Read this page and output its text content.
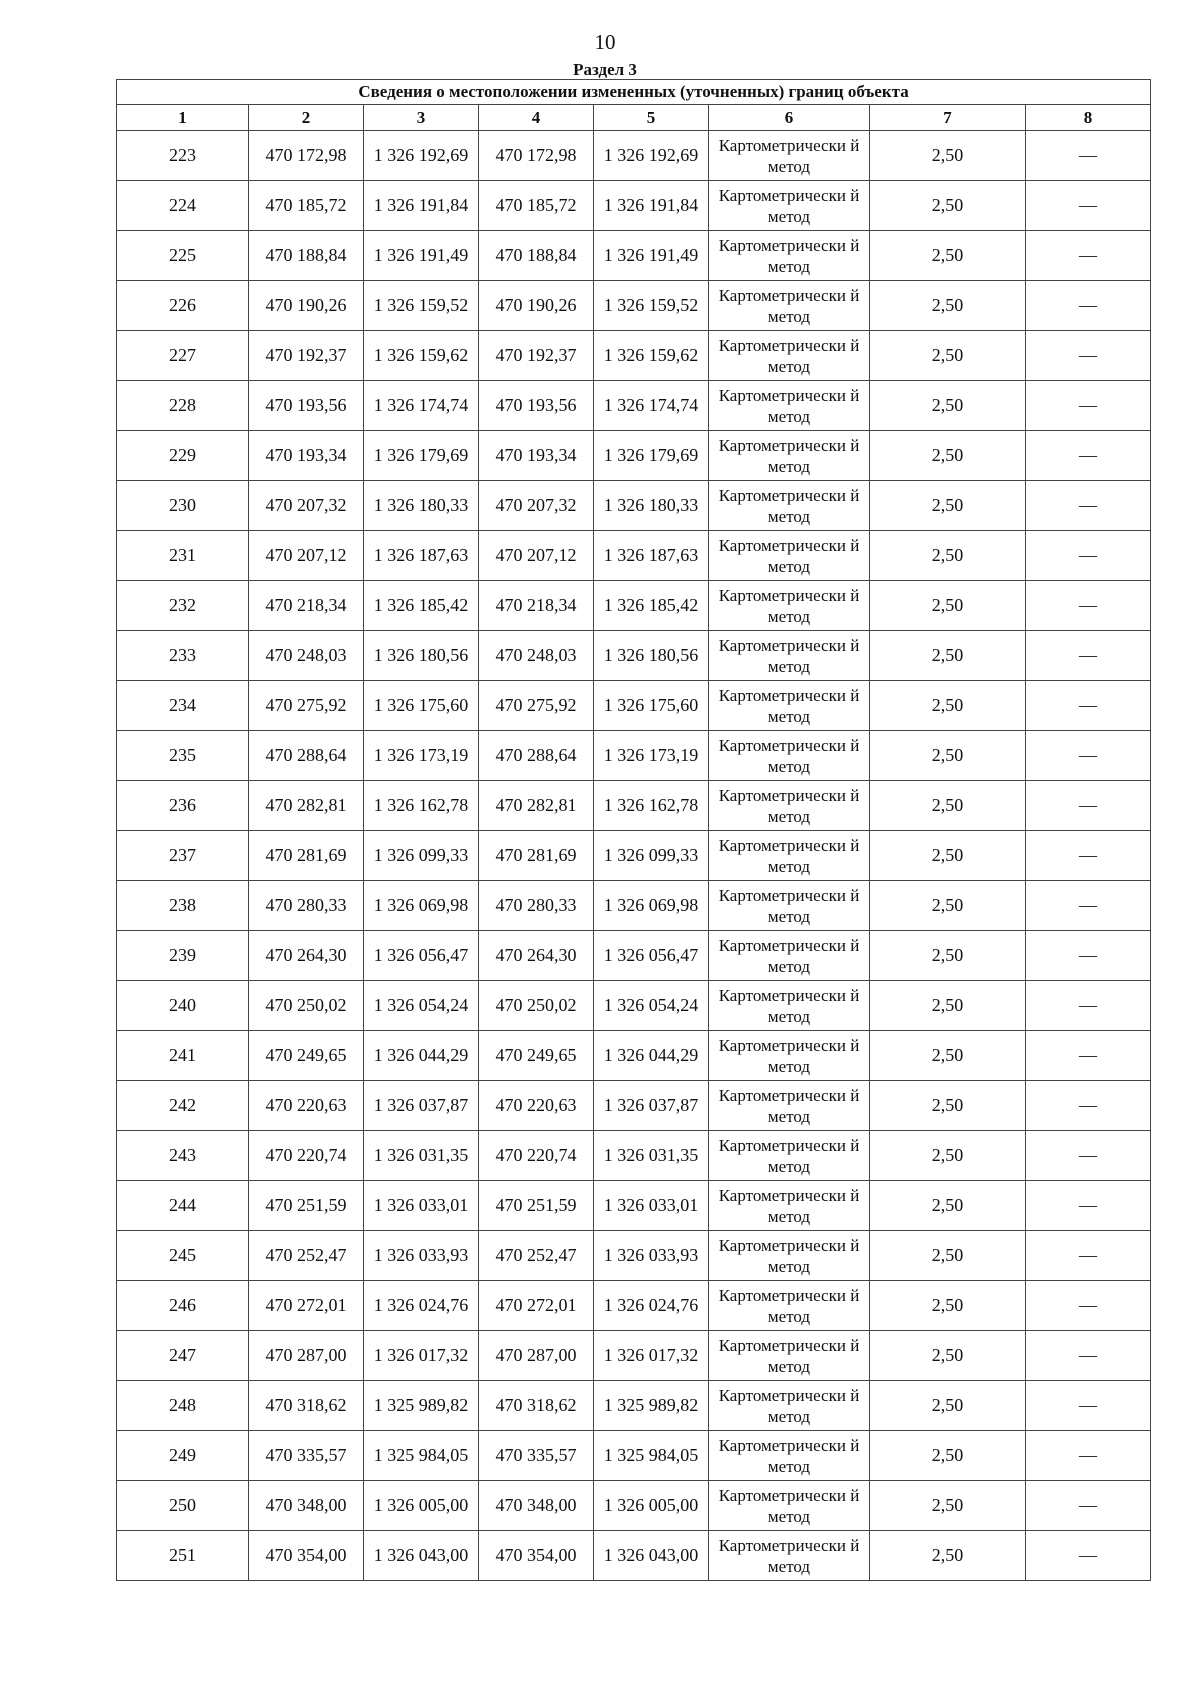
10
Раздел 3
Сведения о местоположении измененных (уточненных) границ объекта							
1	2	3	4	5	6	7	8
223	470 172,98	1 326 192,69	470 172,98	1 326 192,69	Картометрически й метод	2,50	—
224	470 185,72	1 326 191,84	470 185,72	1 326 191,84	Картометрически й метод	2,50	—
225	470 188,84	1 326 191,49	470 188,84	1 326 191,49	Картометрически й метод	2,50	—
226	470 190,26	1 326 159,52	470 190,26	1 326 159,52	Картометрически й метод	2,50	—
227	470 192,37	1 326 159,62	470 192,37	1 326 159,62	Картометрически й метод	2,50	—
228	470 193,56	1 326 174,74	470 193,56	1 326 174,74	Картометрически й метод	2,50	—
229	470 193,34	1 326 179,69	470 193,34	1 326 179,69	Картометрически й метод	2,50	—
230	470 207,32	1 326 180,33	470 207,32	1 326 180,33	Картометрически й метод	2,50	—
231	470 207,12	1 326 187,63	470 207,12	1 326 187,63	Картометрически й метод	2,50	—
232	470 218,34	1 326 185,42	470 218,34	1 326 185,42	Картометрически й метод	2,50	—
233	470 248,03	1 326 180,56	470 248,03	1 326 180,56	Картометрически й метод	2,50	—
234	470 275,92	1 326 175,60	470 275,92	1 326 175,60	Картометрически й метод	2,50	—
235	470 288,64	1 326 173,19	470 288,64	1 326 173,19	Картометрически й метод	2,50	—
236	470 282,81	1 326 162,78	470 282,81	1 326 162,78	Картометрически й метод	2,50	—
237	470 281,69	1 326 099,33	470 281,69	1 326 099,33	Картометрически й метод	2,50	—
238	470 280,33	1 326 069,98	470 280,33	1 326 069,98	Картометрически й метод	2,50	—
239	470 264,30	1 326 056,47	470 264,30	1 326 056,47	Картометрически й метод	2,50	—
240	470 250,02	1 326 054,24	470 250,02	1 326 054,24	Картометрически й метод	2,50	—
241	470 249,65	1 326 044,29	470 249,65	1 326 044,29	Картометрически й метод	2,50	—
242	470 220,63	1 326 037,87	470 220,63	1 326 037,87	Картометрически й метод	2,50	—
243	470 220,74	1 326 031,35	470 220,74	1 326 031,35	Картометрически й метод	2,50	—
244	470 251,59	1 326 033,01	470 251,59	1 326 033,01	Картометрически й метод	2,50	—
245	470 252,47	1 326 033,93	470 252,47	1 326 033,93	Картометрически й метод	2,50	—
246	470 272,01	1 326 024,76	470 272,01	1 326 024,76	Картометрически й метод	2,50	—
247	470 287,00	1 326 017,32	470 287,00	1 326 017,32	Картометрически й метод	2,50	—
248	470 318,62	1 325 989,82	470 318,62	1 325 989,82	Картометрически й метод	2,50	—
249	470 335,57	1 325 984,05	470 335,57	1 325 984,05	Картометрически й метод	2,50	—
250	470 348,00	1 326 005,00	470 348,00	1 326 005,00	Картометрически й метод	2,50	—
251	470 354,00	1 326 043,00	470 354,00	1 326 043,00	Картометрически й метод	2,50	—
